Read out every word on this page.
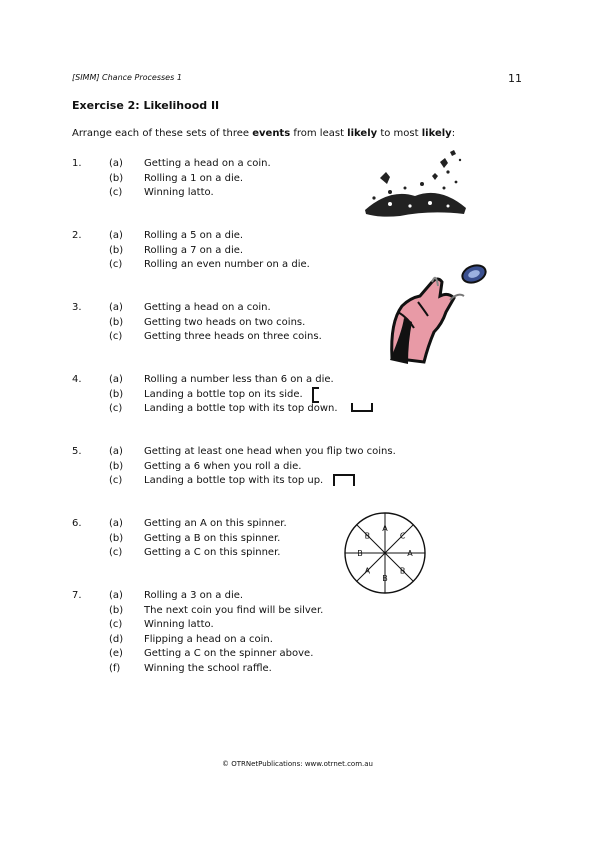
[SIMM] Chance Processes 1	11
Exercise 2: Likelihood II
Arrange each of these sets of three events from least likely to most likely:
1.	(a)	Getting a head on a coin.
(b)	Rolling a 1 on a die.
(c)	Winning latto.
2.	(a)	Rolling a 5 on a die.
(b)	Rolling a 7 on a die.
(c)	Rolling an even number on a die.
3.	(a)	Getting a head on a coin.
(b)	Getting two heads on two coins.
(c)	Getting three heads on three coins.
4.	(a)	Rolling a number less than 6 on a die.
(b)	Landing a bottle top on its side.
(c)	Landing a bottle top with its top down.
5.	(a)	Getting at least one head when you flip two coins.
(b)	Getting a 6 when you roll a die.
(c)	Landing a bottle top with its top up.
6.	(a)	Getting an A on this spinner.
(b)	Getting a B on this spinner.
(c)	Getting a C on this spinner.
7.	(a)	Rolling a 3 on a die.
(b)	The next coin you find will be silver.
(c)	Winning latto.
(d)	Flipping a head on a coin.
(e)	Getting a C on the spinner above.
(f)	Winning the school raffle.
A
C
A
B
B
A
B
B
© OTRNetPublications: www.otrnet.com.au
